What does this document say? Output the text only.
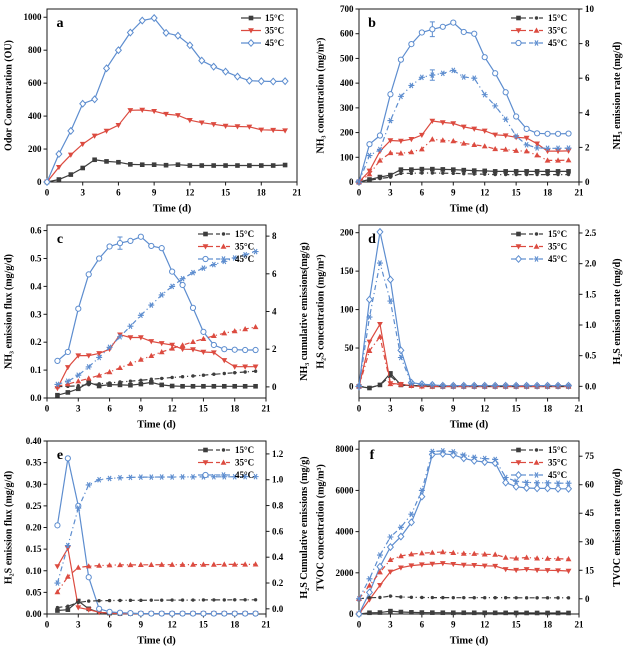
0	3	6	9	12	15	18	21
Time (d)
0
200
400
600
800
1000
Odor Concentration (OU)
a	15°C
35°C
45°C
0	3	6	9	12 15 18 21
Time (d)
0
100
200
300
400
500
600
700
NH₃ concentration (mg/m³)
0
2
4
6
8
10
NH₃ emission rate (mg/d)
b	15°C
35°C
45°C
0	3	6	9	12 15 18 21
Time (d)
0.0
0.1
0.2
0.3
0.4
0.5
0.6
NH₃ emission flux (mg/g/d)
0
2
4
6
8
NH₃ cumulative emissions(mg/g)
c	15°C
35°C
45°C
0	3	6	9	12 15 18 21
Time (d)
0
50
100
150
200
H₂S concentration (mg/m³)
0.0
0.5
1.0
1.5
2.0
2.5
H₂S emission rate (mg/d)
d	15°C
35°C
45°C
0	3	6	9	12 15 18 21
Time (d)
0.00
0.05
0.10
0.15
0.20
0.25
0.30
0.35
0.40
H₂S emission flux (mg/g/d)
0.0
0.2
0.4
0.6
0.8
1.0
1.2
H₂S Cumulative emissions (mg/g)
e	15°C
35°C
45°C
0	3	6	9	12 15 18 21
Time (d)
0
2000
4000
6000
8000
TVOC concentration (mg/m³)
0
15
30
45
60
75
TVOC emission rate (mg/d)
f	15°C
35°C
45°C
